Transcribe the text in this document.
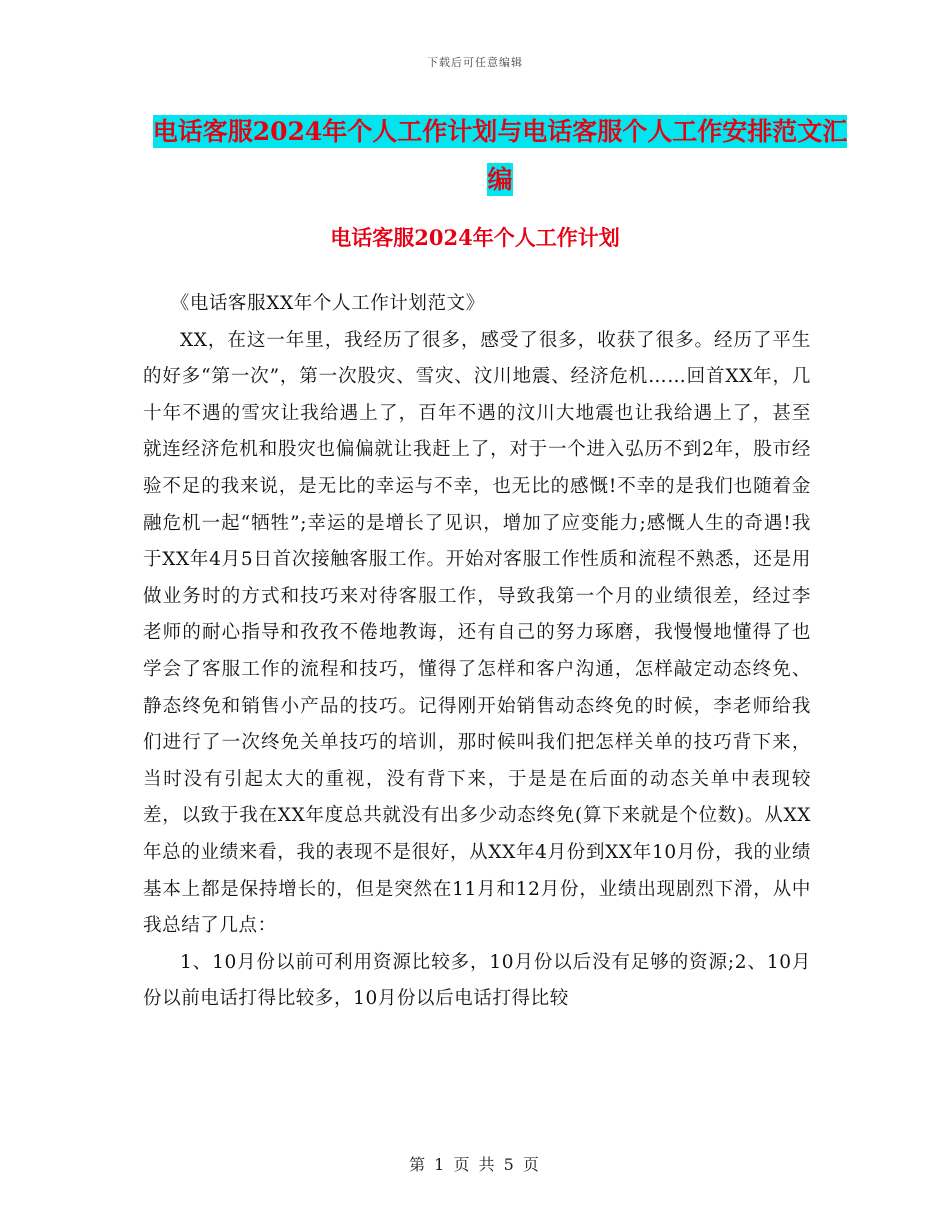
下载后可任意编辑
电话客服2024年个人工作计划与电话客服个人工作安排范文汇编
电话客服2024年个人工作计划

《电话客服XX年个人工作计划范文》

XX，在这一年里，我经历了很多，感受了很多，收获了很多。经历了平生的好多“第一次”，第一次股灾、雪灾、汶川地震、经济危机……回首XX年，几十年不遇的雪灾让我给遇上了，百年不遇的汶川大地震也让我给遇上了，甚至就连经济危机和股灾也偏偏就让我赶上了，对于一个进入弘历不到2年，股市经验不足的我来说，是无比的幸运与不幸，也无比的感慨!不幸的是我们也随着金融危机一起“牺牲”;幸运的是增长了见识，增加了应变能力;感慨人生的奇遇!我于XX年4月5日首次接触客服工作。开始对客服工作性质和流程不熟悉，还是用做业务时的方式和技巧来对待客服工作，导致我第一个月的业绩很差，经过李老师的耐心指导和孜孜不倦地教诲，还有自己的努力琢磨，我慢慢地懂得了也学会了客服工作的流程和技巧，懂得了怎样和客户沟通，怎样敲定动态终免、静态终免和销售小产品的技巧。记得刚开始销售动态终免的时候，李老师给我们进行了一次终免关单技巧的培训，那时候叫我们把怎样关单的技巧背下来，当时没有引起太大的重视，没有背下来，于是是在后面的动态关单中表现较差，以致于我在XX年度总共就没有出多少动态终免(算下来就是个位数)。从XX年总的业绩来看，我的表现不是很好，从XX年4月份到XX年10月份，我的业绩基本上都是保持增长的，但是突然在11月和12月份，业绩出现剧烈下滑，从中我总结了几点：

1、10月份以前可利用资源比较多，10月份以后没有足够的资源;2、10月份以前电话打得比较多，10月份以后电话打得比较

第 1 页 共 5 页
